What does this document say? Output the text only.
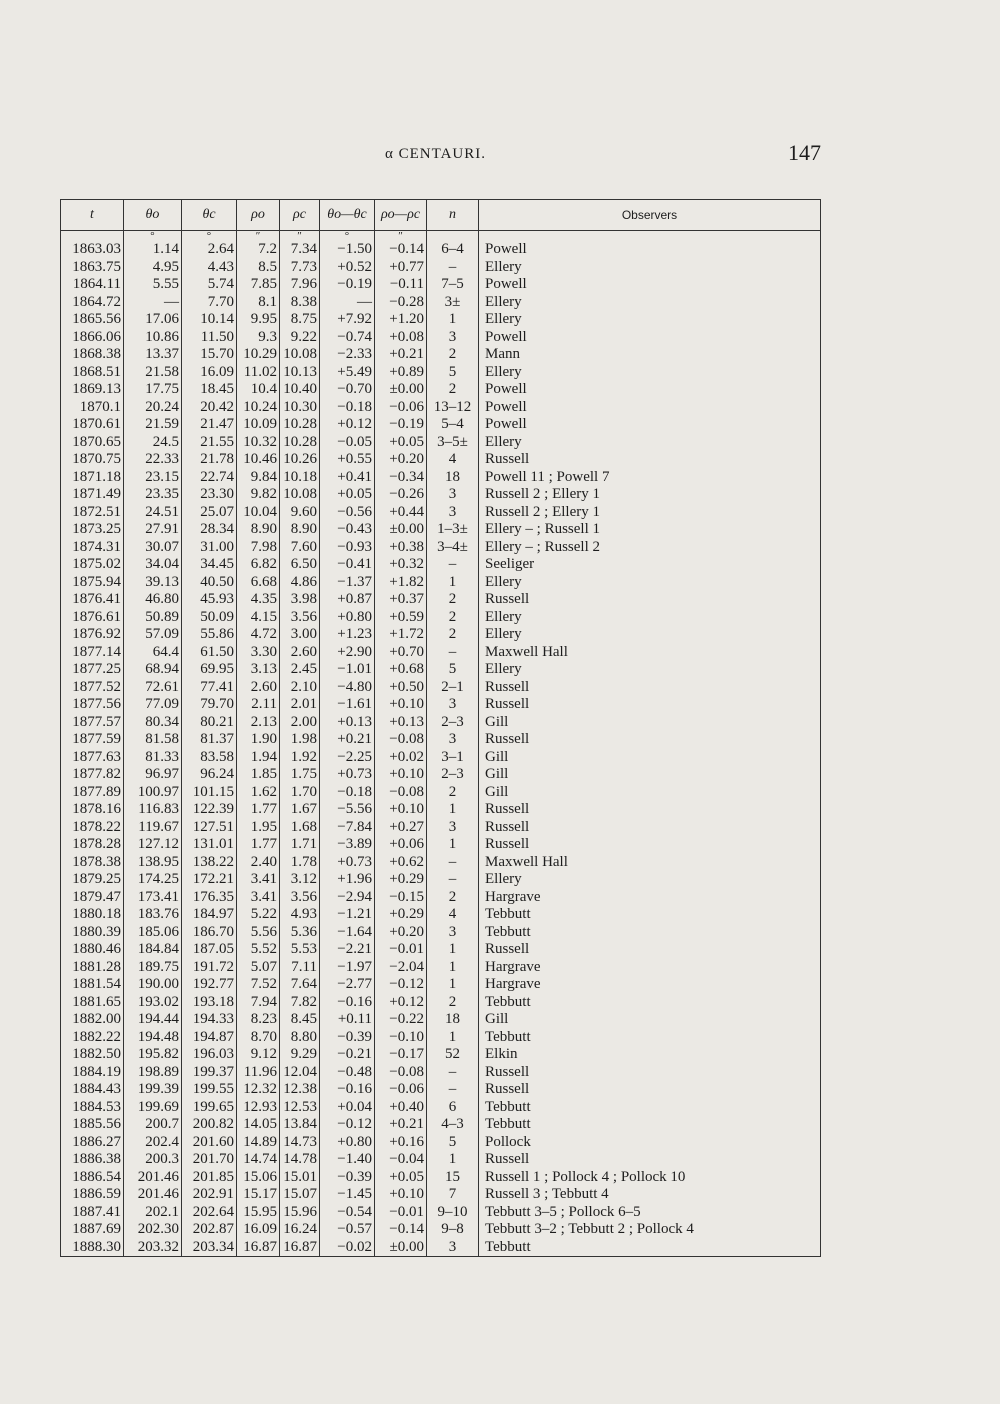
α CENTAURI.	147
t	θo	θc	ρo	ρc	θo—θc	ρo—ρc	n	Observers
	°	°	″	″	°	″		
1863.03	1.14	2.64	7.2	7.34	−1.50	−0.14	6–4	Powell
1863.75	4.95	4.43	8.5	7.73	+0.52	+0.77	–	Ellery
1864.11	5.55	5.74	7.85	7.96	−0.19	−0.11	7–5	Powell
1864.72	—	7.70	8.1	8.38	—	−0.28	3±	Ellery
1865.56	17.06	10.14	9.95	8.75	+7.92	+1.20	1	Ellery
1866.06	10.86	11.50	9.3	9.22	−0.74	+0.08	3	Powell
1868.38	13.37	15.70	10.29	10.08	−2.33	+0.21	2	Mann
1868.51	21.58	16.09	11.02	10.13	+5.49	+0.89	5	Ellery
1869.13	17.75	18.45	10.4	10.40	−0.70	±0.00	2	Powell
1870.1	20.24	20.42	10.24	10.30	−0.18	−0.06	13–12	Powell
1870.61	21.59	21.47	10.09	10.28	+0.12	−0.19	5–4	Powell
1870.65	24.5	21.55	10.32	10.28	−0.05	+0.05	3–5±	Ellery
1870.75	22.33	21.78	10.46	10.26	+0.55	+0.20	4	Russell
1871.18	23.15	22.74	9.84	10.18	+0.41	−0.34	18	Powell 11 ; Powell 7
1871.49	23.35	23.30	9.82	10.08	+0.05	−0.26	3	Russell 2 ; Ellery 1
1872.51	24.51	25.07	10.04	9.60	−0.56	+0.44	3	Russell 2 ; Ellery 1
1873.25	27.91	28.34	8.90	8.90	−0.43	±0.00	1–3±	Ellery – ; Russell 1
1874.31	30.07	31.00	7.98	7.60	−0.93	+0.38	3–4±	Ellery – ; Russell 2
1875.02	34.04	34.45	6.82	6.50	−0.41	+0.32	–	Seeliger
1875.94	39.13	40.50	6.68	4.86	−1.37	+1.82	1	Ellery
1876.41	46.80	45.93	4.35	3.98	+0.87	+0.37	2	Russell
1876.61	50.89	50.09	4.15	3.56	+0.80	+0.59	2	Ellery
1876.92	57.09	55.86	4.72	3.00	+1.23	+1.72	2	Ellery
1877.14	64.4	61.50	3.30	2.60	+2.90	+0.70	–	Maxwell Hall
1877.25	68.94	69.95	3.13	2.45	−1.01	+0.68	5	Ellery
1877.52	72.61	77.41	2.60	2.10	−4.80	+0.50	2–1	Russell
1877.56	77.09	79.70	2.11	2.01	−1.61	+0.10	3	Russell
1877.57	80.34	80.21	2.13	2.00	+0.13	+0.13	2–3	Gill
1877.59	81.58	81.37	1.90	1.98	+0.21	−0.08	3	Russell
1877.63	81.33	83.58	1.94	1.92	−2.25	+0.02	3–1	Gill
1877.82	96.97	96.24	1.85	1.75	+0.73	+0.10	2–3	Gill
1877.89	100.97	101.15	1.62	1.70	−0.18	−0.08	2	Gill
1878.16	116.83	122.39	1.77	1.67	−5.56	+0.10	1	Russell
1878.22	119.67	127.51	1.95	1.68	−7.84	+0.27	3	Russell
1878.28	127.12	131.01	1.77	1.71	−3.89	+0.06	1	Russell
1878.38	138.95	138.22	2.40	1.78	+0.73	+0.62	–	Maxwell Hall
1879.25	174.25	172.21	3.41	3.12	+1.96	+0.29	–	Ellery
1879.47	173.41	176.35	3.41	3.56	−2.94	−0.15	2	Hargrave
1880.18	183.76	184.97	5.22	4.93	−1.21	+0.29	4	Tebbutt
1880.39	185.06	186.70	5.56	5.36	−1.64	+0.20	3	Tebbutt
1880.46	184.84	187.05	5.52	5.53	−2.21	−0.01	1	Russell
1881.28	189.75	191.72	5.07	7.11	−1.97	−2.04	1	Hargrave
1881.54	190.00	192.77	7.52	7.64	−2.77	−0.12	1	Hargrave
1881.65	193.02	193.18	7.94	7.82	−0.16	+0.12	2	Tebbutt
1882.00	194.44	194.33	8.23	8.45	+0.11	−0.22	18	Gill
1882.22	194.48	194.87	8.70	8.80	−0.39	−0.10	1	Tebbutt
1882.50	195.82	196.03	9.12	9.29	−0.21	−0.17	52	Elkin
1884.19	198.89	199.37	11.96	12.04	−0.48	−0.08	–	Russell
1884.43	199.39	199.55	12.32	12.38	−0.16	−0.06	–	Russell
1884.53	199.69	199.65	12.93	12.53	+0.04	+0.40	6	Tebbutt
1885.56	200.7	200.82	14.05	13.84	−0.12	+0.21	4–3	Tebbutt
1886.27	202.4	201.60	14.89	14.73	+0.80	+0.16	5	Pollock
1886.38	200.3	201.70	14.74	14.78	−1.40	−0.04	1	Russell
1886.54	201.46	201.85	15.06	15.01	−0.39	+0.05	15	Russell 1 ; Pollock 4 ; Pollock 10
1886.59	201.46	202.91	15.17	15.07	−1.45	+0.10	7	Russell 3 ; Tebbutt 4
1887.41	202.1	202.64	15.95	15.96	−0.54	−0.01	9–10	Tebbutt 3–5 ; Pollock 6–5
1887.69	202.30	202.87	16.09	16.24	−0.57	−0.14	9–8	Tebbutt 3–2 ; Tebbutt 2 ; Pollock 4
1888.30	203.32	203.34	16.87	16.87	−0.02	±0.00	3	Tebbutt
